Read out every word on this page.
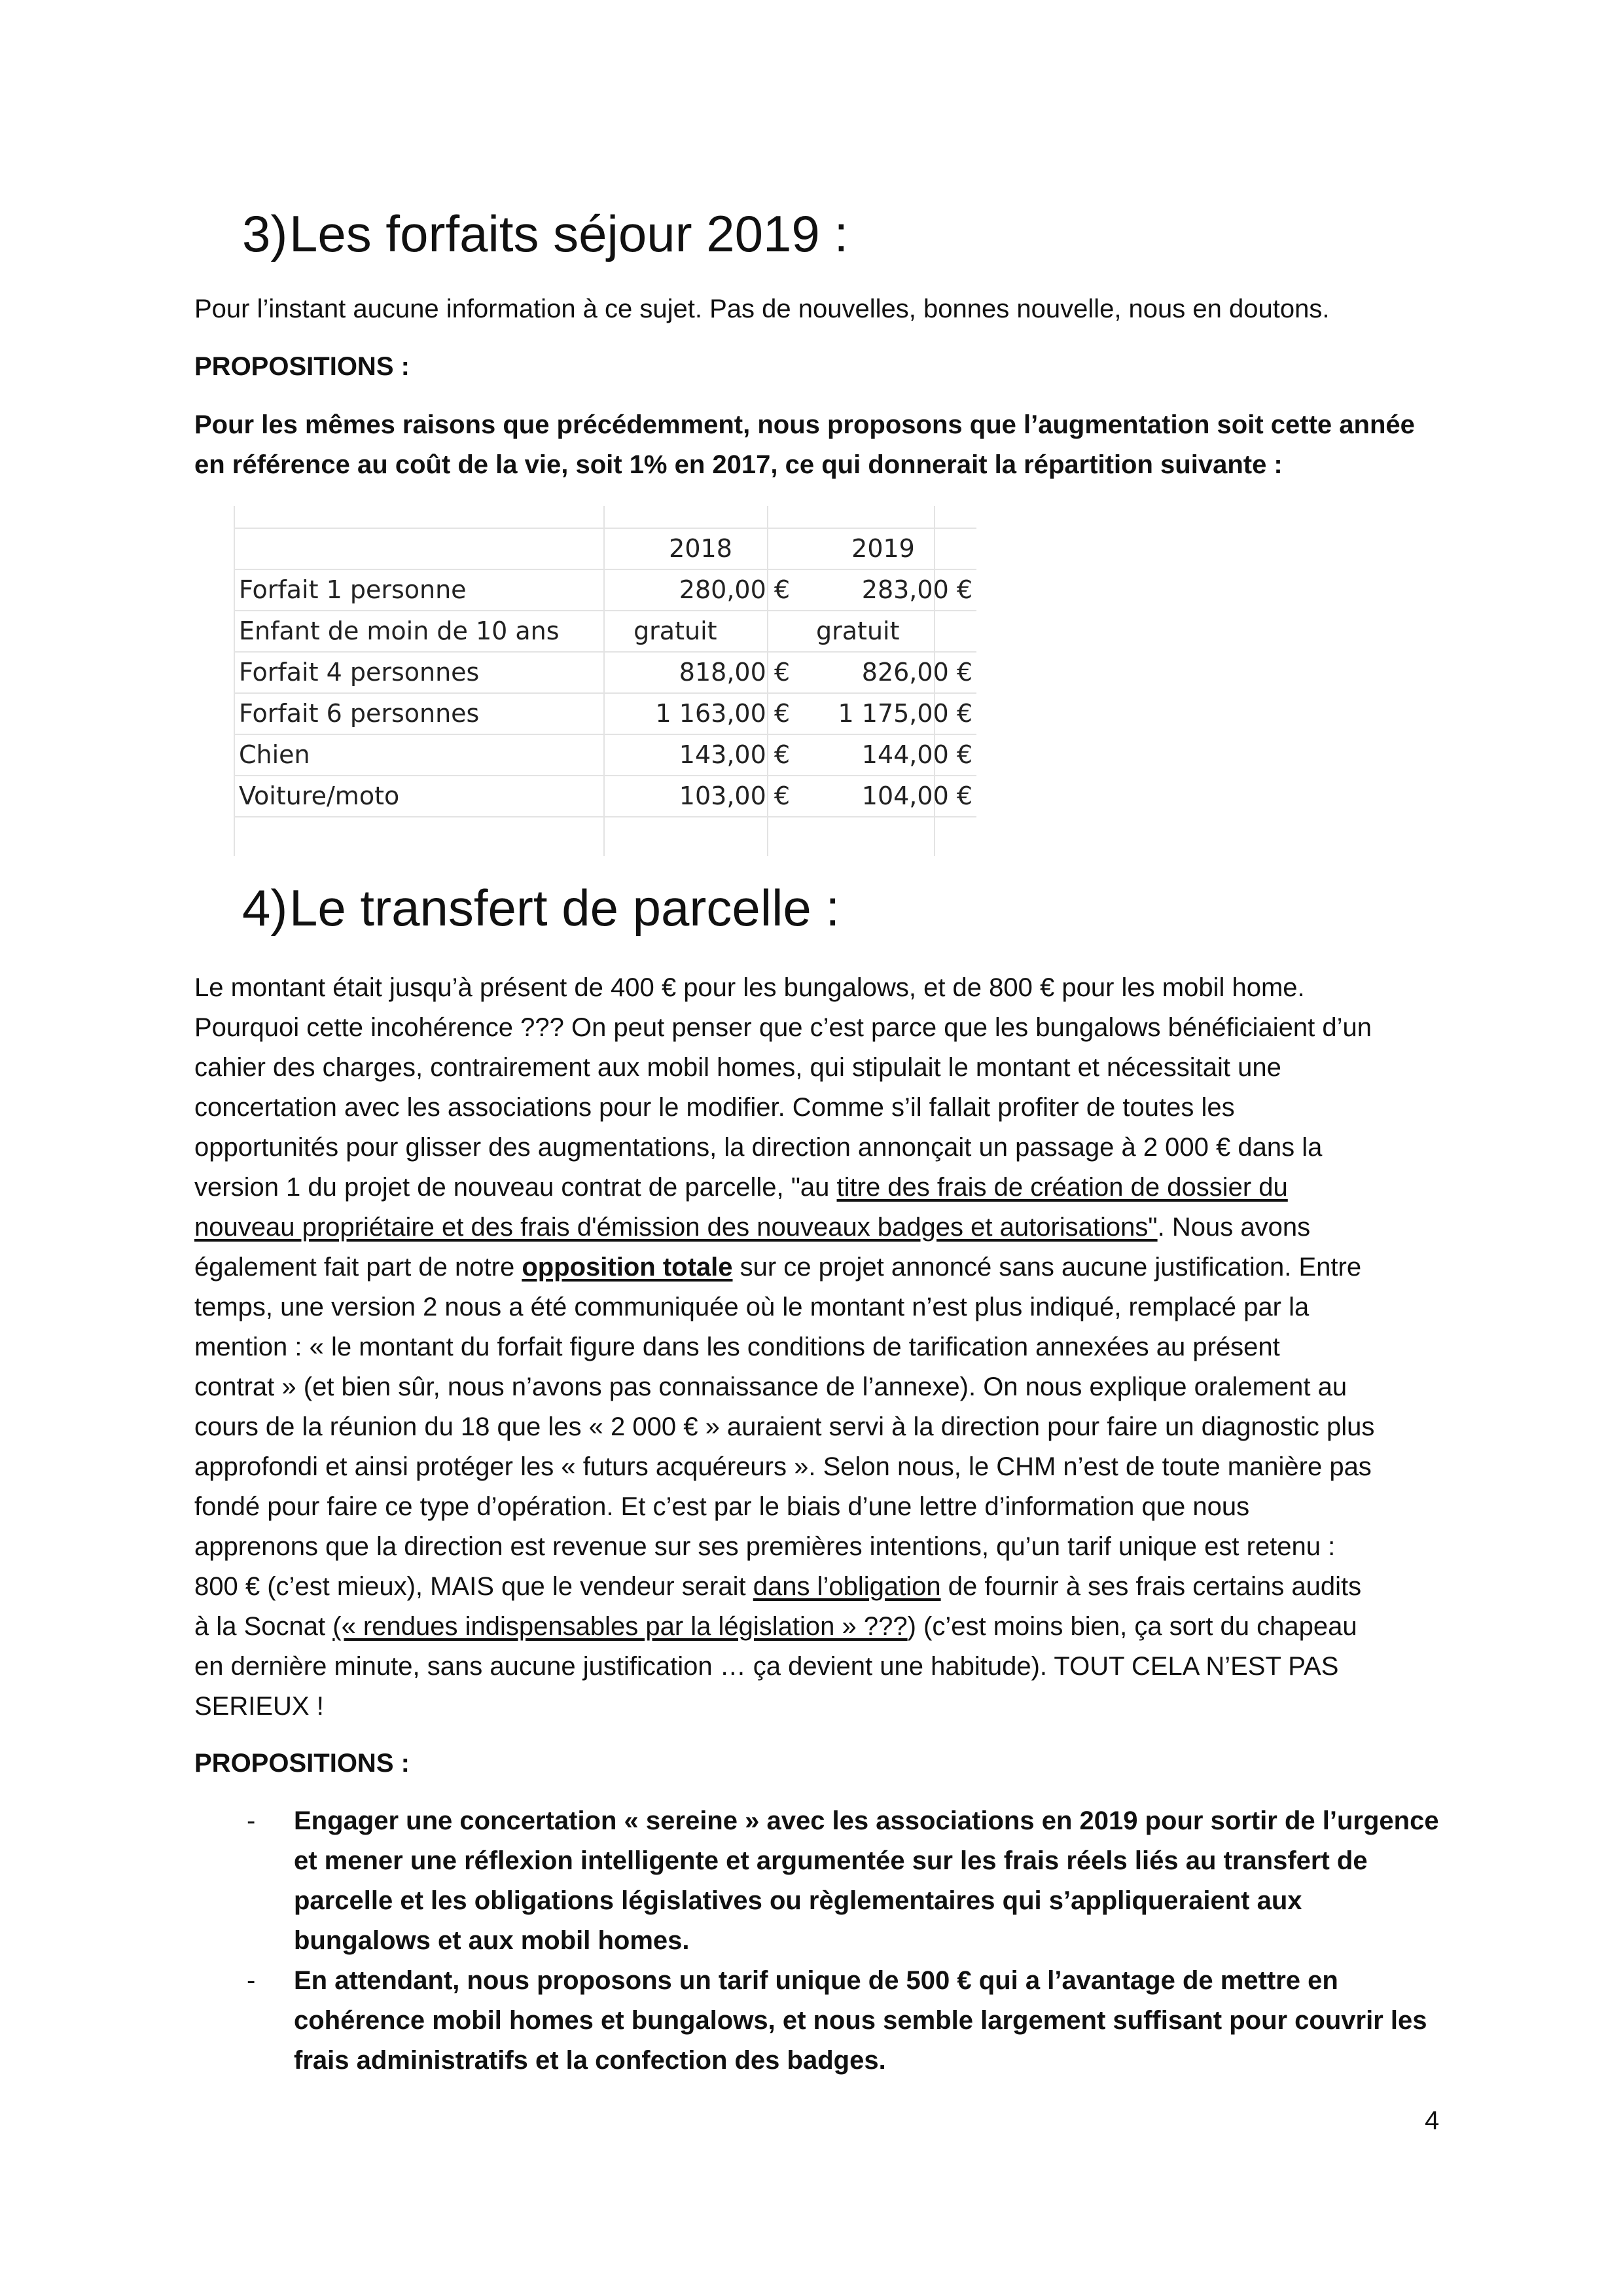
3)Les forfaits séjour 2019 :
Pour l’instant aucune information à ce sujet. Pas de nouvelles, bonnes nouvelle, nous en doutons.
PROPOSITIONS :
Pour les mêmes raisons que précédemment, nous proposons que l’augmentation soit cette année
en référence au coût de la vie, soit 1% en 2017, ce qui donnerait la répartition suivante :
	2018	2019
Forfait 1 personne	280,00 €	283,00 €
Enfant de moin de 10 ans	gratuit	gratuit
Forfait 4 personnes	818,00 €	826,00 €
Forfait 6 personnes	1 163,00 €	1 175,00 €
Chien	143,00 €	144,00 €
Voiture/moto	103,00 €	104,00 €
4)Le transfert de parcelle :
Le montant était jusqu’à présent de 400 € pour les bungalows, et de 800 € pour les mobil home.
Pourquoi cette incohérence ??? On peut penser que c’est parce que les bungalows bénéficiaient d’un
cahier des charges, contrairement aux mobil homes, qui stipulait le montant et nécessitait une
concertation avec les associations pour le modifier. Comme s’il fallait profiter de toutes les
opportunités pour glisser des augmentations, la direction annonçait un passage à 2 000 € dans la
version 1 du projet de nouveau contrat de parcelle, "au titre des frais de création de dossier du
nouveau propriétaire et des frais d'émission des nouveaux badges et autorisations". Nous avons
également fait part de notre opposition totale sur ce projet annoncé sans aucune justification. Entre
temps, une version 2 nous a été communiquée où le montant n’est plus indiqué, remplacé par la
mention : « le montant du forfait figure dans les conditions de tarification annexées au présent
contrat » (et bien sûr, nous n’avons pas connaissance de l’annexe). On nous explique oralement au
cours de la réunion du 18 que les « 2 000 € » auraient servi à la direction pour faire un diagnostic plus
approfondi et ainsi protéger les « futurs acquéreurs ». Selon nous, le CHM n’est de toute manière pas
fondé pour faire ce type d’opération. Et c’est par le biais d’une lettre d’information que nous
apprenons que la direction est revenue sur ses premières intentions, qu’un tarif unique est retenu :
800 € (c’est mieux), MAIS que le vendeur serait dans l’obligation de fournir à ses frais certains audits
à la Socnat (« rendues indispensables par la législation » ???) (c’est moins bien, ça sort du chapeau
en dernière minute, sans aucune justification … ça devient une habitude). TOUT CELA N’EST PAS
SERIEUX !
PROPOSITIONS :
- Engager une concertation « sereine » avec les associations en 2019 pour sortir de l’urgence
et mener une réflexion intelligente et argumentée sur les frais réels liés au transfert de
parcelle et les obligations législatives ou règlementaires qui s’appliqueraient aux
bungalows et aux mobil homes.
- En attendant, nous proposons un tarif unique de 500 € qui a l’avantage de mettre en
cohérence mobil homes et bungalows, et nous semble largement suffisant pour couvrir les
frais administratifs et la confection des badges.
4
